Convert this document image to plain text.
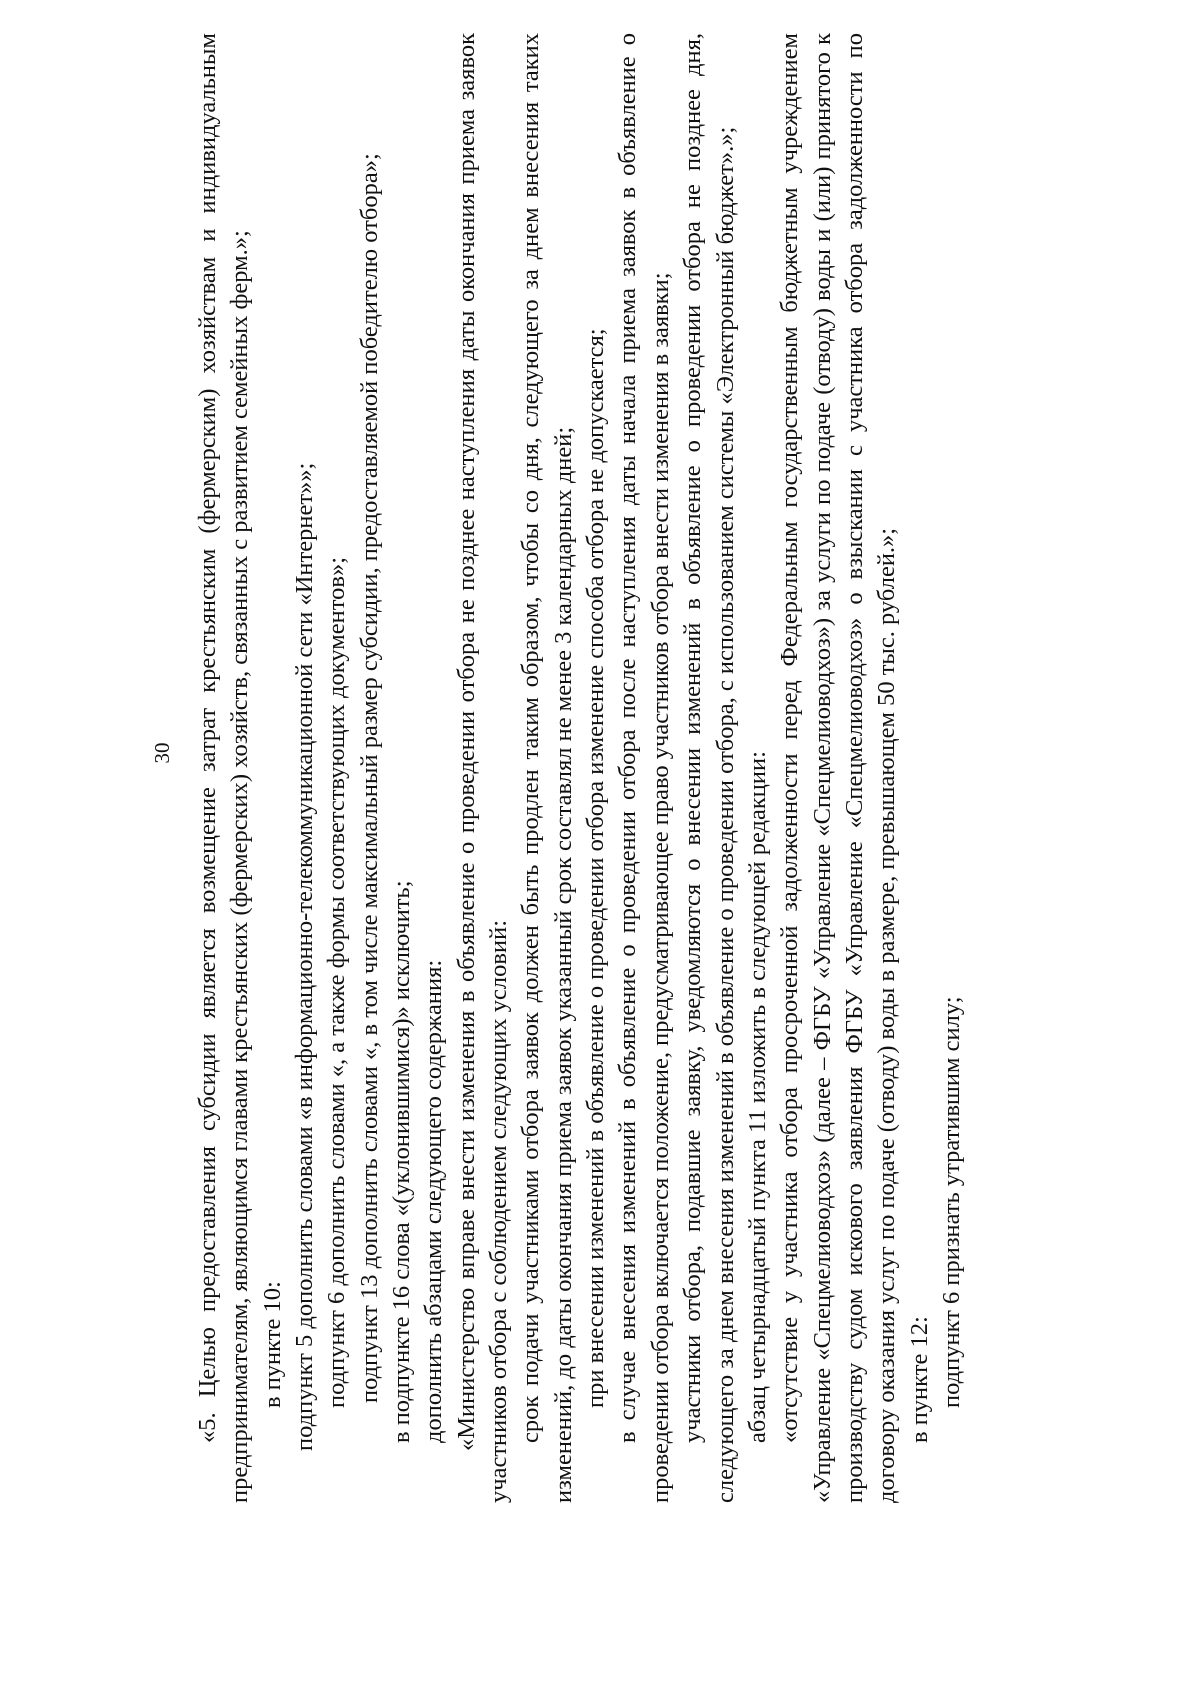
30 «5. Целью предоставления субсидии является возмещение затрат крестьянским (фермерским) хозяйствам и индивидуальным предпринимателям, являющимся главами крестьянских (фермерских) хозяйств, связанных с развитием семейных ферм.»; в пункте 10: подпункт 5 дополнить словами «в информационно-телекоммуникационной сети «Интернет»»; подпункт 6 дополнить словами «, а также формы соответствующих документов»; подпункт 13 дополнить словами «, в том числе максимальный размер субсидии, предоставляемой победителю отбора»; в подпункте 16 слова «(уклонившимися)» исключить; дополнить абзацами следующего содержания: «Министерство вправе внести изменения в объявление о проведении отбора не позднее наступления даты окончания приема заявок участников отбора с соблюдением следующих условий: срок подачи участниками отбора заявок должен быть продлен таким образом, чтобы со дня, следующего за днем внесения таких изменений, до даты окончания приема заявок указанный срок составлял не менее 3 календарных дней; при внесении изменений в объявление о проведении отбора изменение способа отбора не допускается; в случае внесения изменений в объявление о проведении отбора после наступления даты начала приема заявок в объявление о проведении отбора включается положение, предусматривающее право участников отбора внести изменения в заявки; участники отбора, подавшие заявку, уведомляются о внесении изменений в объявление о проведении отбора не позднее дня, следующего за днем внесения изменений в объявление о проведении отбора, с использованием системы «Электронный бюджет».»; абзац четырнадцатый пункта 11 изложить в следующей редакции: «отсутствие у участника отбора просроченной задолженности перед Федеральным государственным бюджетным учреждением «Управление «Спецмелиоводхоз» (далее – ФГБУ «Управление «Спецмелиоводхоз») за услуги по подаче (отводу) воды и (или) принятого к производству судом искового заявления ФГБУ «Управление «Спецмелиоводхоз» о взыскании с участника отбора задолженности по договору оказания услуг по подаче (отводу) воды в размере, превышающем 50 тыс. рублей.»; в пункте 12: подпункт 6 признать утратившим силу;
